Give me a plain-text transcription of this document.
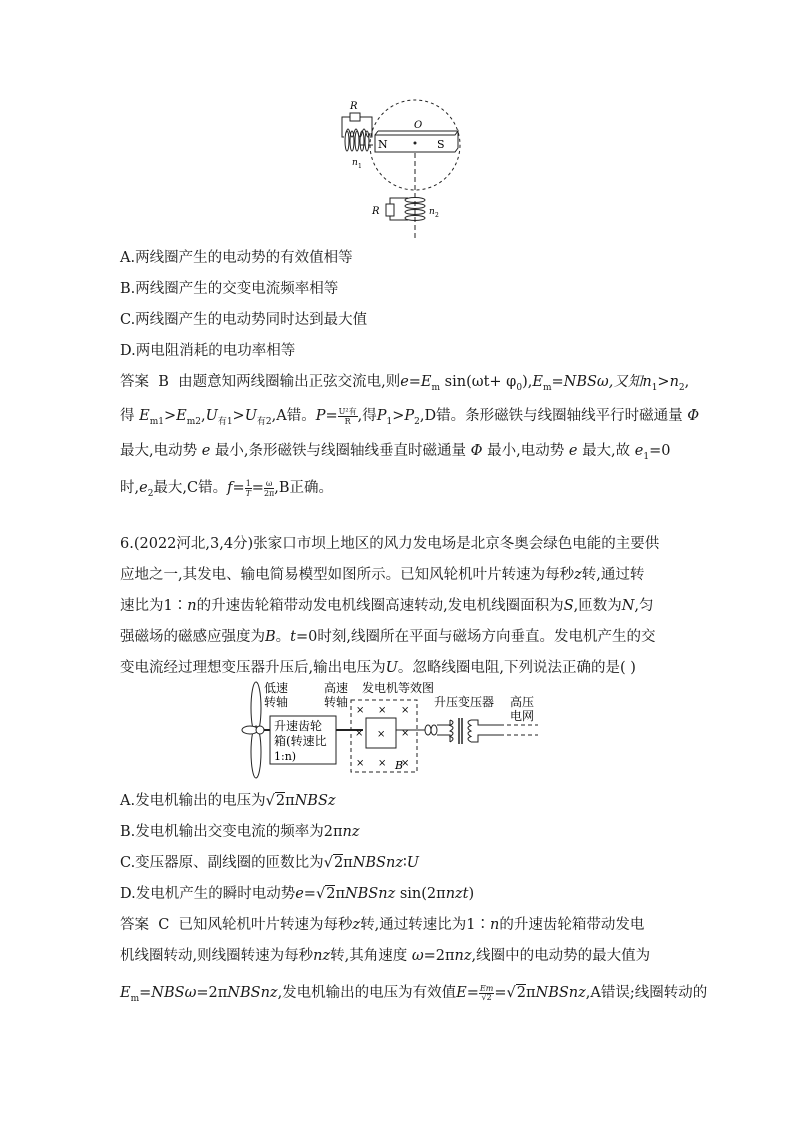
N	S
O
R
n 1
R	n 2
A.两线圈产生的电动势的有效值相等
B.两线圈产生的交变电流频率相等
C.两线圈产生的电动势同时达到最大值
D.两电阻消耗的电功率相等
答案 B 由题意知两线圈输出正弦交流电,则$e=E_m$ $\sin(\omega t+ \varphi_0),E_m=NBS\omega$,又知$n_1>n_2$,
得 $E_{m1}>E_{m2},U_{有1}>U_{有2},A$错。$P= \frac{\text{U²有}}{R}$ ,得$P_1>P_2,D$错。条形磁铁与线圈轴线平行时磁通量 Φ
最大,电动势 e 最小,条形磁铁与线圈轴线垂直时磁通量 Φ 最小,电动势 e 最大,故 $e_1=0$
时$,e_2$最大,C错。$f= \frac{1}{T}= \frac{\omega}{2\pi} ,B$正确。
6.(2022河北,3,4分)张家口市坝上地区的风力发电场是北京冬奥会绿色电能的主要供
应地之一,其发电、输电简易模型如图所示。已知风轮机叶片转速为每秒z转,通过转
速比为1∶n的升速齿轮箱带动发电机线圈高速转动,发电机线圈面积为S,匝数为N,匀
强磁场的磁感应强度为B。t=0时刻,线圈所在平面与磁场方向垂直。发电机产生的交
变电流经过理想变压器升压后,输出电压为U。忽略线圈电阻,下列说法正确的是( )
低速
转轴
升速齿轮
箱(转速比
1:n)
高速
转轴
发电机等效图
× × ×
× × ×
× × ×
B
升压变压器 高压
电网
A.发电机输出的电压为√2πNBSz
B.发电机输出交变电流的频率为2πnz
C.变压器原、副线圈的匝数比为√2πNBSnz∶U
D.发电机产生的瞬时电动势e=√2πNBSnz sin(2πnzt)
答案 C 已知风轮机叶片转速为每秒z转,通过转速比为1∶n的升速齿轮箱带动发电
机线圈转动,则线圈转速为每秒nz转,其角速度 ω=2πnz,线圈中的电动势的最大值为
$E_m=NBS\omega=2\pi NBSnz$,发电机输出的电压为有效值$E=\frac{Em}{√2}$ =√2πNBSnz,A错误;线圈转动的
